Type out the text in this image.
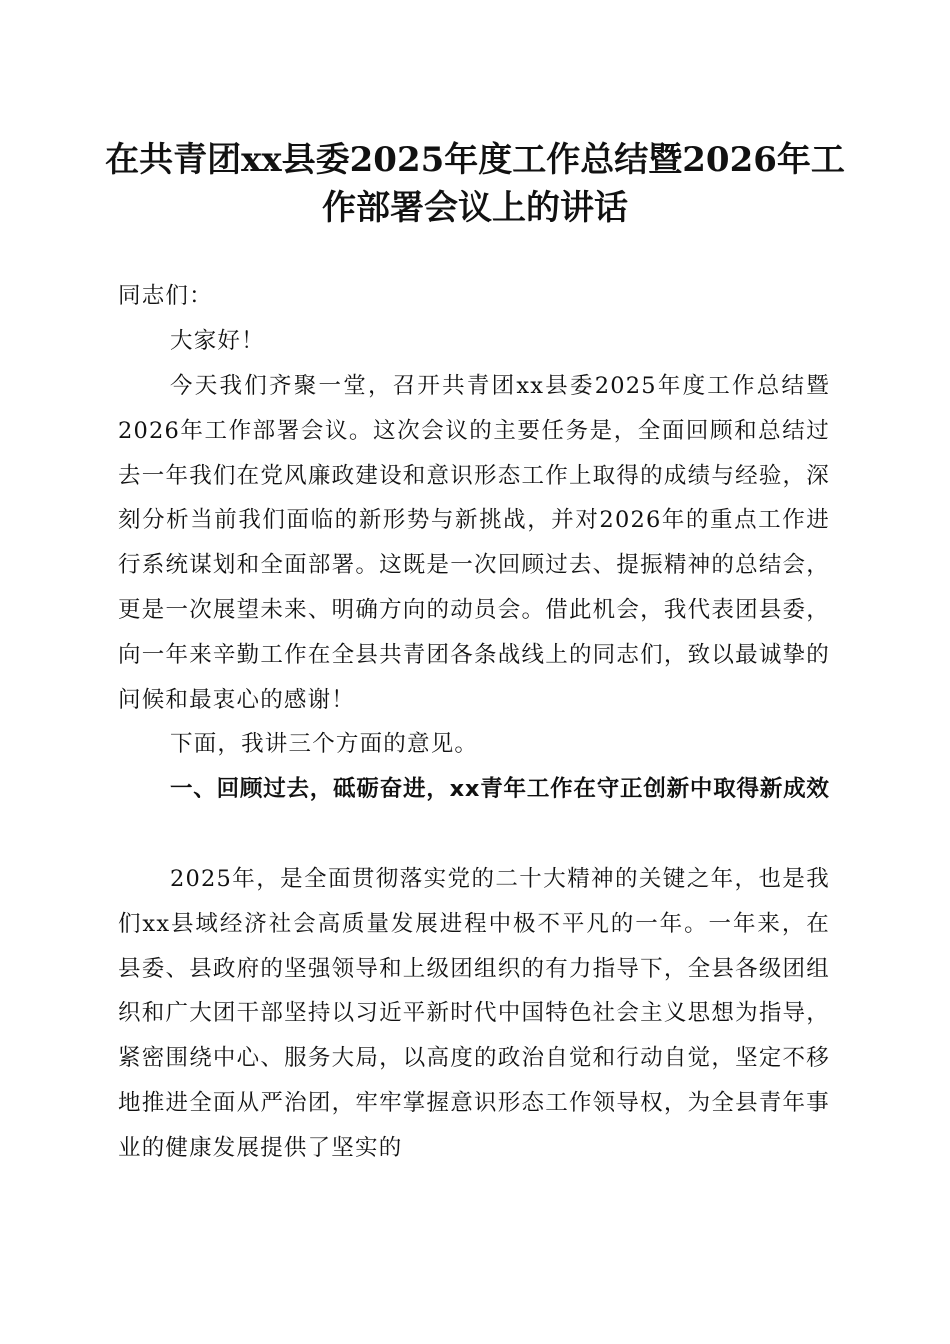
在共青团xx县委2025年度工作总结暨2026年工作部署会议上的讲话

同志们：

大家好！

今天我们齐聚一堂，召开共青团xx县委2025年度工作总结暨2026年工作部署会议。这次会议的主要任务是，全面回顾和总结过去一年我们在党风廉政建设和意识形态工作上取得的成绩与经验，深刻分析当前我们面临的新形势与新挑战，并对2026年的重点工作进行系统谋划和全面部署。这既是一次回顾过去、提振精神的总结会，更是一次展望未来、明确方向的动员会。借此机会，我代表团县委，向一年来辛勤工作在全县共青团各条战线上的同志们，致以最诚挚的问候和最衷心的感谢！

下面，我讲三个方面的意见。

一、回顾过去，砥砺奋进，xx青年工作在守正创新中取得新成效

2025年，是全面贯彻落实党的二十大精神的关键之年，也是我们xx县域经济社会高质量发展进程中极不平凡的一年。一年来，在县委、县政府的坚强领导和上级团组织的有力指导下，全县各级团组织和广大团干部坚持以习近平新时代中国特色社会主义思想为指导，紧密围绕中心、服务大局，以高度的政治自觉和行动自觉，坚定不移地推进全面从严治团，牢牢掌握意识形态工作领导权，为全县青年事业的健康发展提供了坚实的
